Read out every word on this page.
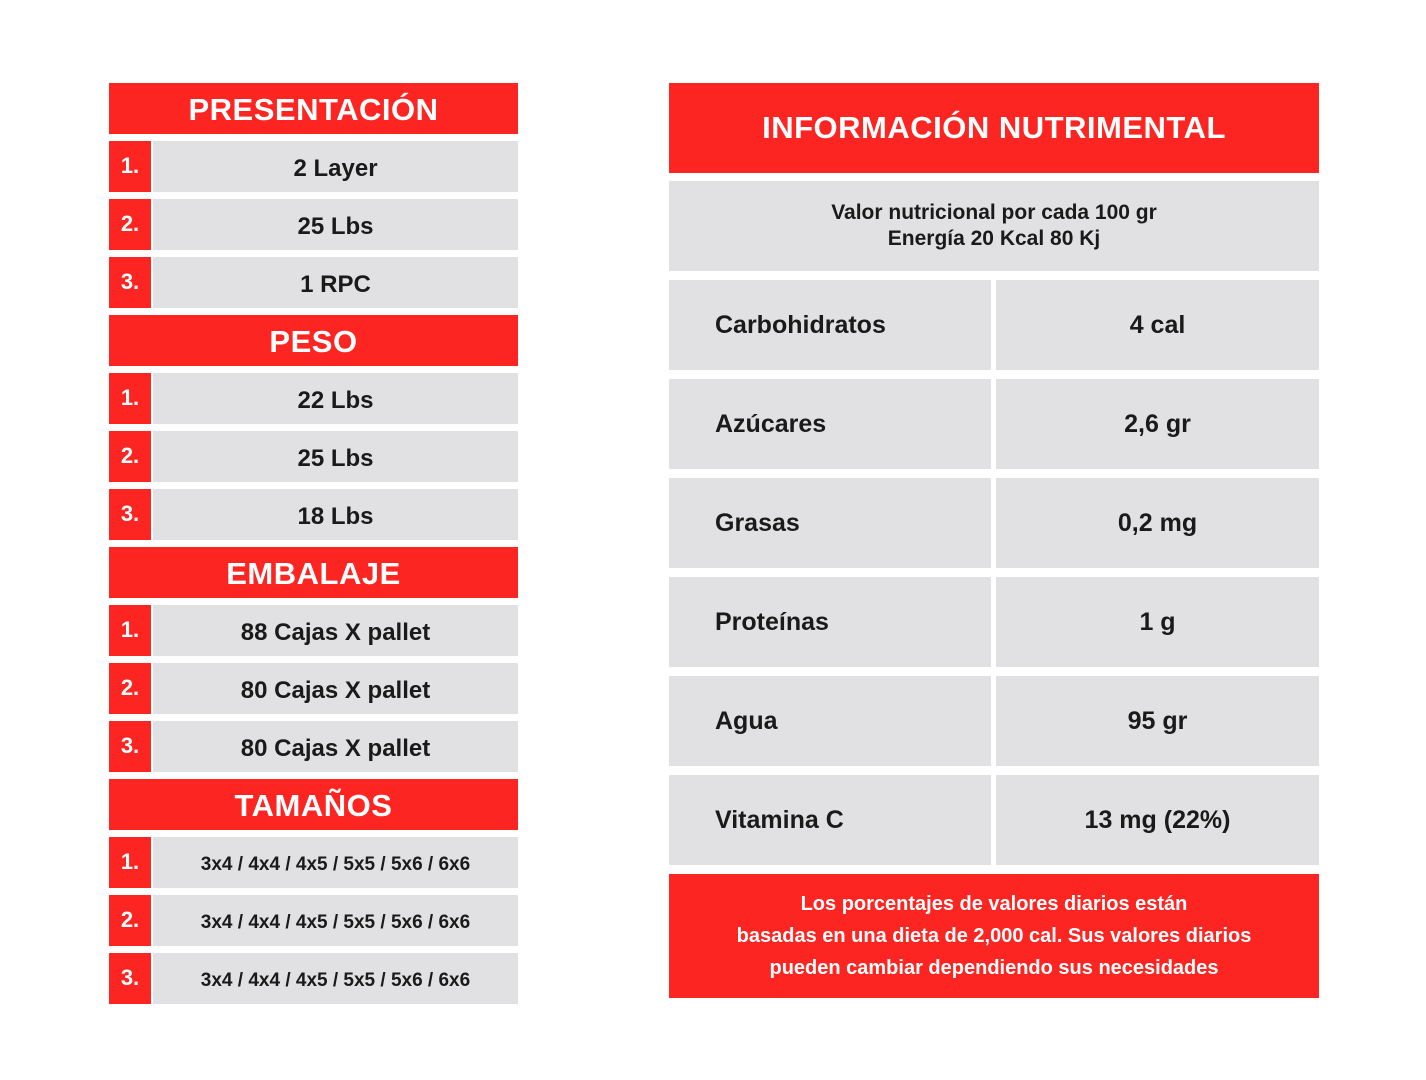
PRESENTACIÓN
1.	2 Layer
2.	25 Lbs
3.	1 RPC
PESO
1.	22 Lbs
2.	25 Lbs
3.	18 Lbs
EMBALAJE
1.	88 Cajas X pallet
2.	80 Cajas X pallet
3.	80 Cajas X pallet
TAMAÑOS
1.	3x4 / 4x4 / 4x5 / 5x5 / 5x6 / 6x6
2.	3x4 / 4x4 / 4x5 / 5x5 / 5x6 / 6x6
3.	3x4 / 4x4 / 4x5 / 5x5 / 5x6 / 6x6
INFORMACIÓN NUTRIMENTAL
Valor nutricional por cada 100 gr
Energía 20 Kcal 80 Kj
Carbohidratos	4 cal
Azúcares	2,6 gr
Grasas	0,2 mg
Proteínas	1 g
Agua	95 gr
Vitamina C	13 mg (22%)
Los porcentajes de valores diarios están
basadas en una dieta de 2,000 cal. Sus valores diarios
pueden cambiar dependiendo sus necesidades
